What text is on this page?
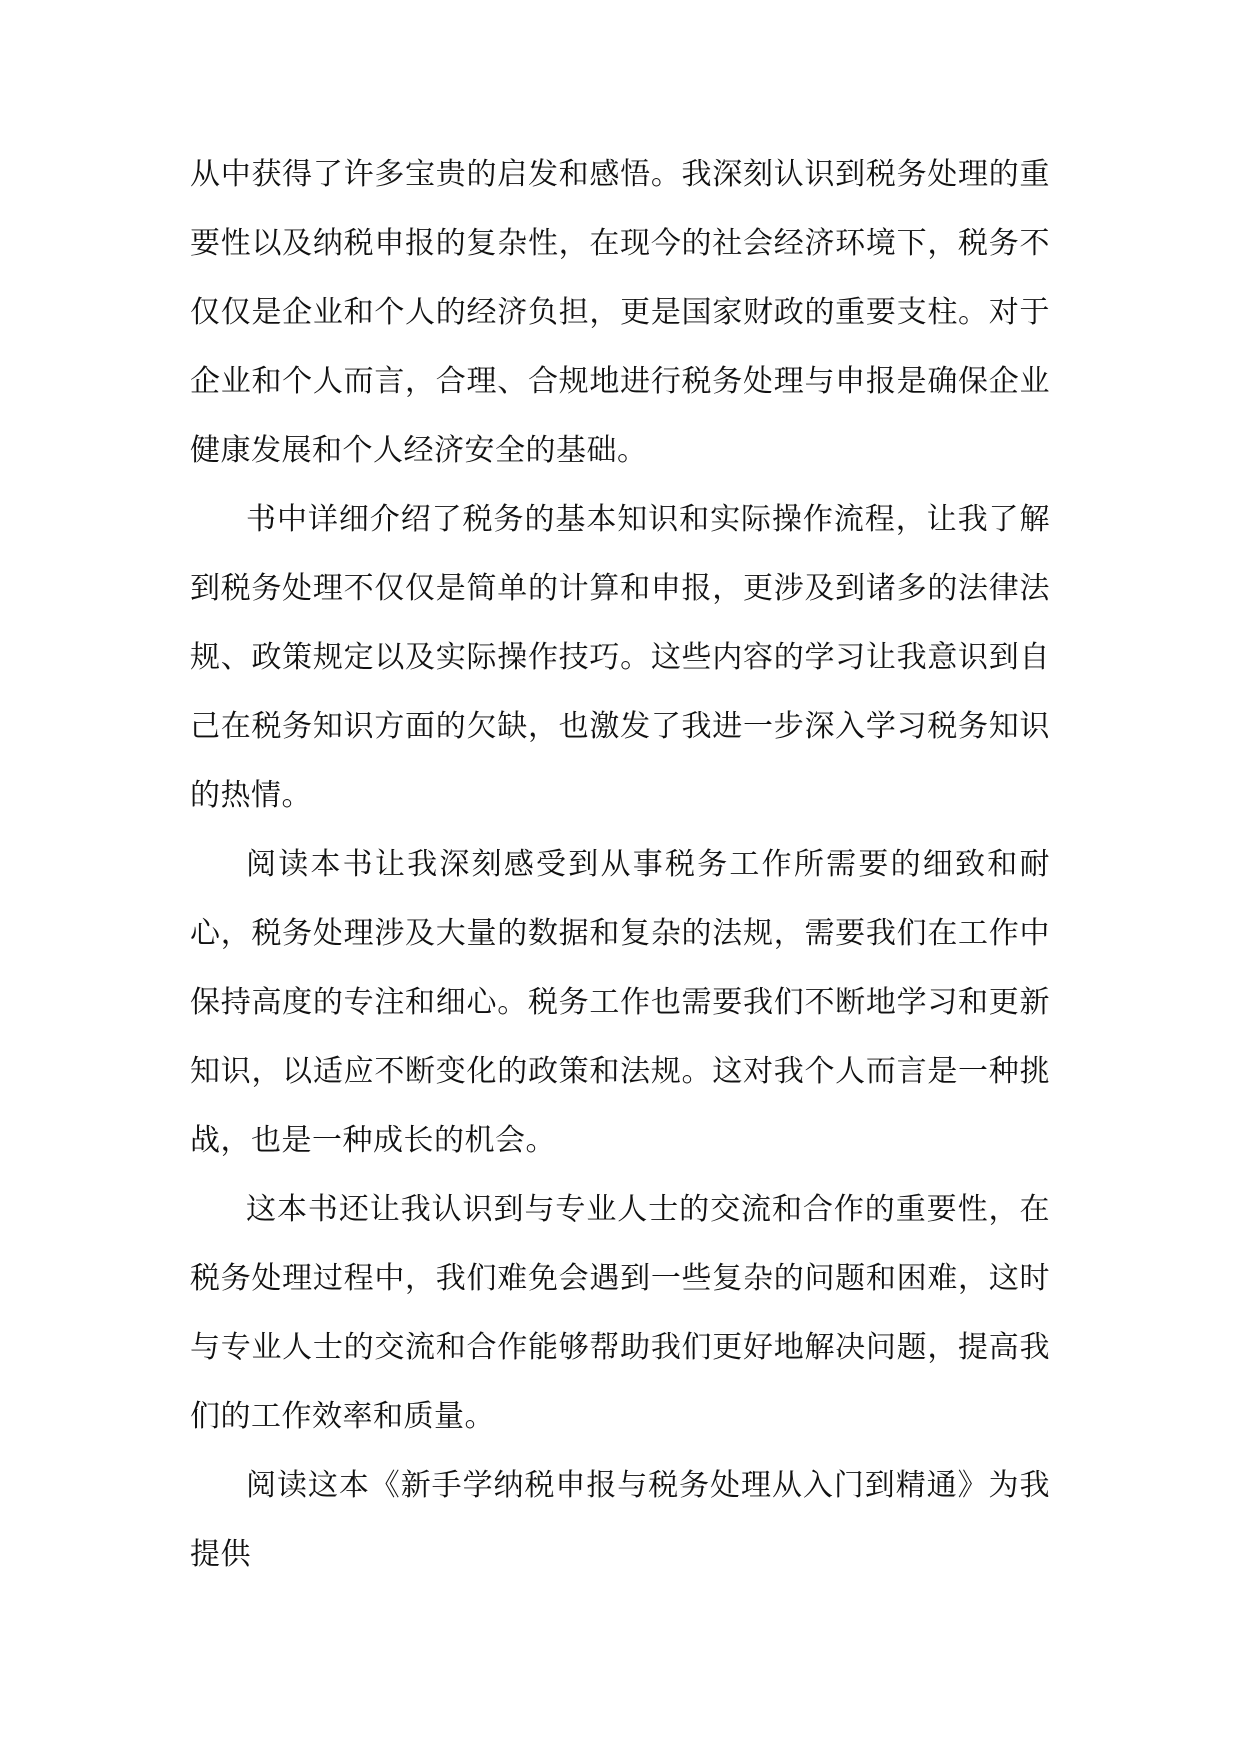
从中获得了许多宝贵的启发和感悟。我深刻认识到税务处理的重要性以及纳税申报的复杂性，在现今的社会经济环境下，税务不仅仅是企业和个人的经济负担，更是国家财政的重要支柱。对于企业和个人而言，合理、合规地进行税务处理与申报是确保企业健康发展和个人经济安全的基础。

书中详细介绍了税务的基本知识和实际操作流程，让我了解到税务处理不仅仅是简单的计算和申报，更涉及到诸多的法律法规、政策规定以及实际操作技巧。这些内容的学习让我意识到自己在税务知识方面的欠缺，也激发了我进一步深入学习税务知识的热情。

阅读本书让我深刻感受到从事税务工作所需要的细致和耐心，税务处理涉及大量的数据和复杂的法规，需要我们在工作中保持高度的专注和细心。税务工作也需要我们不断地学习和更新知识，以适应不断变化的政策和法规。这对我个人而言是一种挑战，也是一种成长的机会。

这本书还让我认识到与专业人士的交流和合作的重要性，在税务处理过程中，我们难免会遇到一些复杂的问题和困难，这时与专业人士的交流和合作能够帮助我们更好地解决问题，提高我们的工作效率和质量。

阅读这本《新手学纳税申报与税务处理从入门到精通》为我提供
